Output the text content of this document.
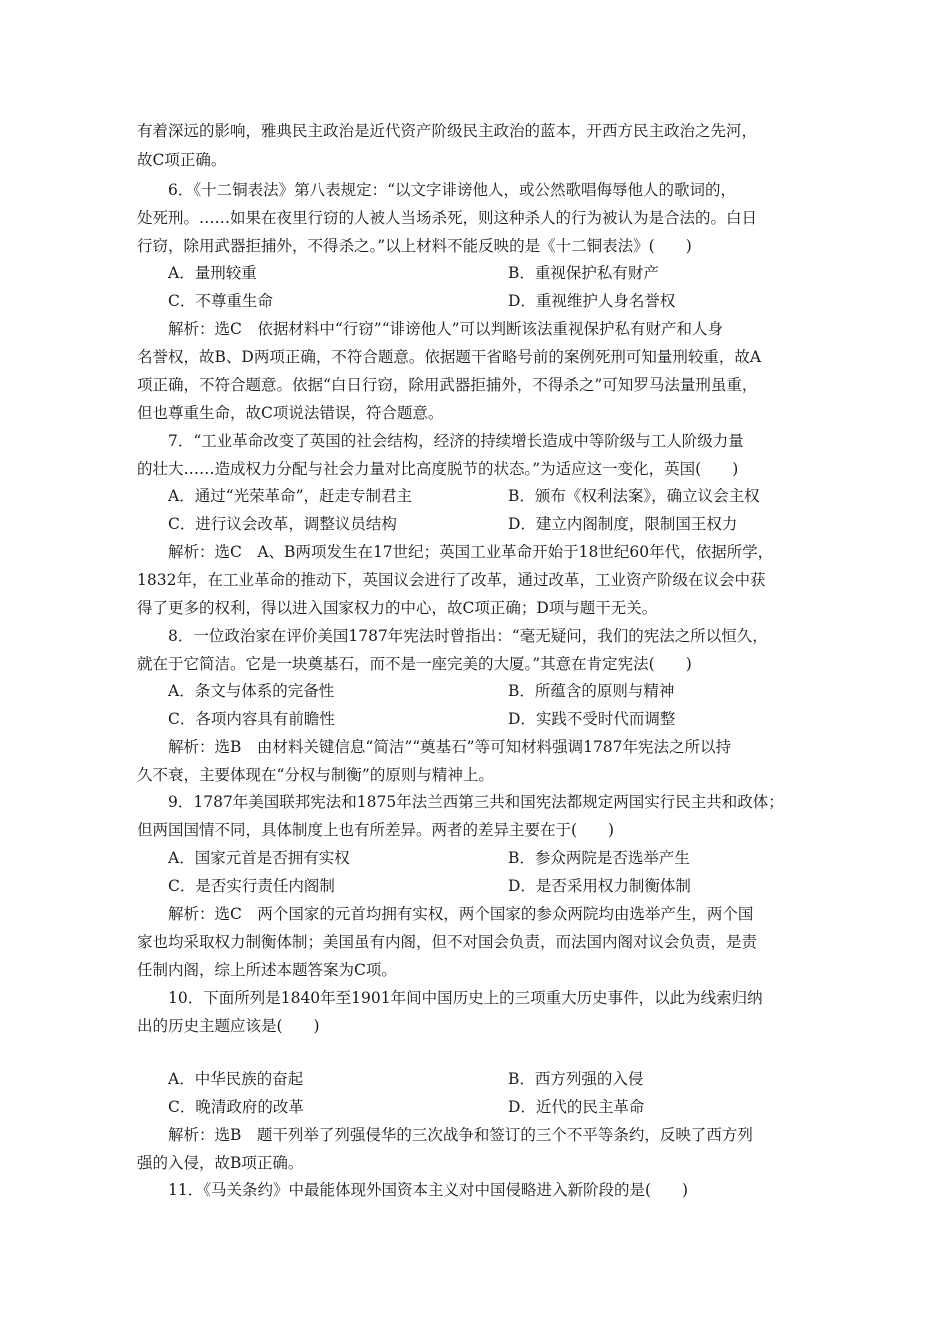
有着深远的影响，雅典民主政治是近代资产阶级民主政治的蓝本，开西方民主政治之先河，
故C项正确。
6．《十二铜表法》第八表规定：“以文字诽谤他人，或公然歌唱侮辱他人的歌词的，
处死刑。……如果在夜里行窃的人被人当场杀死，则这种杀人的行为被认为是合法的。白日
行窃，除用武器拒捕外，不得杀之。”以上材料不能反映的是《十二铜表法》(　　)
A．量刑较重	B．重视保护私有财产
C．不尊重生命	D．重视维护人身名誉权
解析：选C　依据材料中“行窃”“诽谤他人”可以判断该法重视保护私有财产和人身
名誉权，故B、D两项正确，不符合题意。依据题干省略号前的案例死刑可知量刑较重，故A
项正确，不符合题意。依据“白日行窃，除用武器拒捕外，不得杀之”可知罗马法量刑虽重，
但也尊重生命，故C项说法错误，符合题意。
7．“工业革命改变了英国的社会结构，经济的持续增长造成中等阶级与工人阶级力量
的壮大……造成权力分配与社会力量对比高度脱节的状态。”为适应这一变化，英国(　　)
A．通过“光荣革命”，赶走专制君主	B．颁布《权利法案》，确立议会主权
C．进行议会改革，调整议员结构	D．建立内阁制度，限制国王权力
解析：选C　A、B两项发生在17世纪；英国工业革命开始于18世纪60年代，依据所学，
1832年，在工业革命的推动下，英国议会进行了改革，通过改革，工业资产阶级在议会中获
得了更多的权利，得以进入国家权力的中心，故C项正确；D项与题干无关。
8．一位政治家在评价美国1787年宪法时曾指出：“毫无疑问，我们的宪法之所以恒久，
就在于它简洁。它是一块奠基石，而不是一座完美的大厦。”其意在肯定宪法(　　)
A．条文与体系的完备性	B．所蕴含的原则与精神
C．各项内容具有前瞻性	D．实践不受时代而调整
解析：选B　由材料关键信息“简洁”“奠基石”等可知材料强调1787年宪法之所以持
久不衰，主要体现在“分权与制衡”的原则与精神上。
9．1787年美国联邦宪法和1875年法兰西第三共和国宪法都规定两国实行民主共和政体；
但两国国情不同，具体制度上也有所差异。两者的差异主要在于(　　)
A．国家元首是否拥有实权	B．参众两院是否选举产生
C．是否实行责任内阁制	D．是否采用权力制衡体制
解析：选C　两个国家的元首均拥有实权，两个国家的参众两院均由选举产生，两个国
家也均采取权力制衡体制；美国虽有内阁，但不对国会负责，而法国内阁对议会负责，是责
任制内阁，综上所述本题答案为C项。
10．下面所列是1840年至1901年间中国历史上的三项重大历史事件，以此为线索归纳
出的历史主题应该是(　　)
A．中华民族的奋起	B．西方列强的入侵
C．晚清政府的改革	D．近代的民主革命
解析：选B　题干列举了列强侵华的三次战争和签订的三个不平等条约，反映了西方列
强的入侵，故B项正确。
11．《马关条约》中最能体现外国资本主义对中国侵略进入新阶段的是(　　)
